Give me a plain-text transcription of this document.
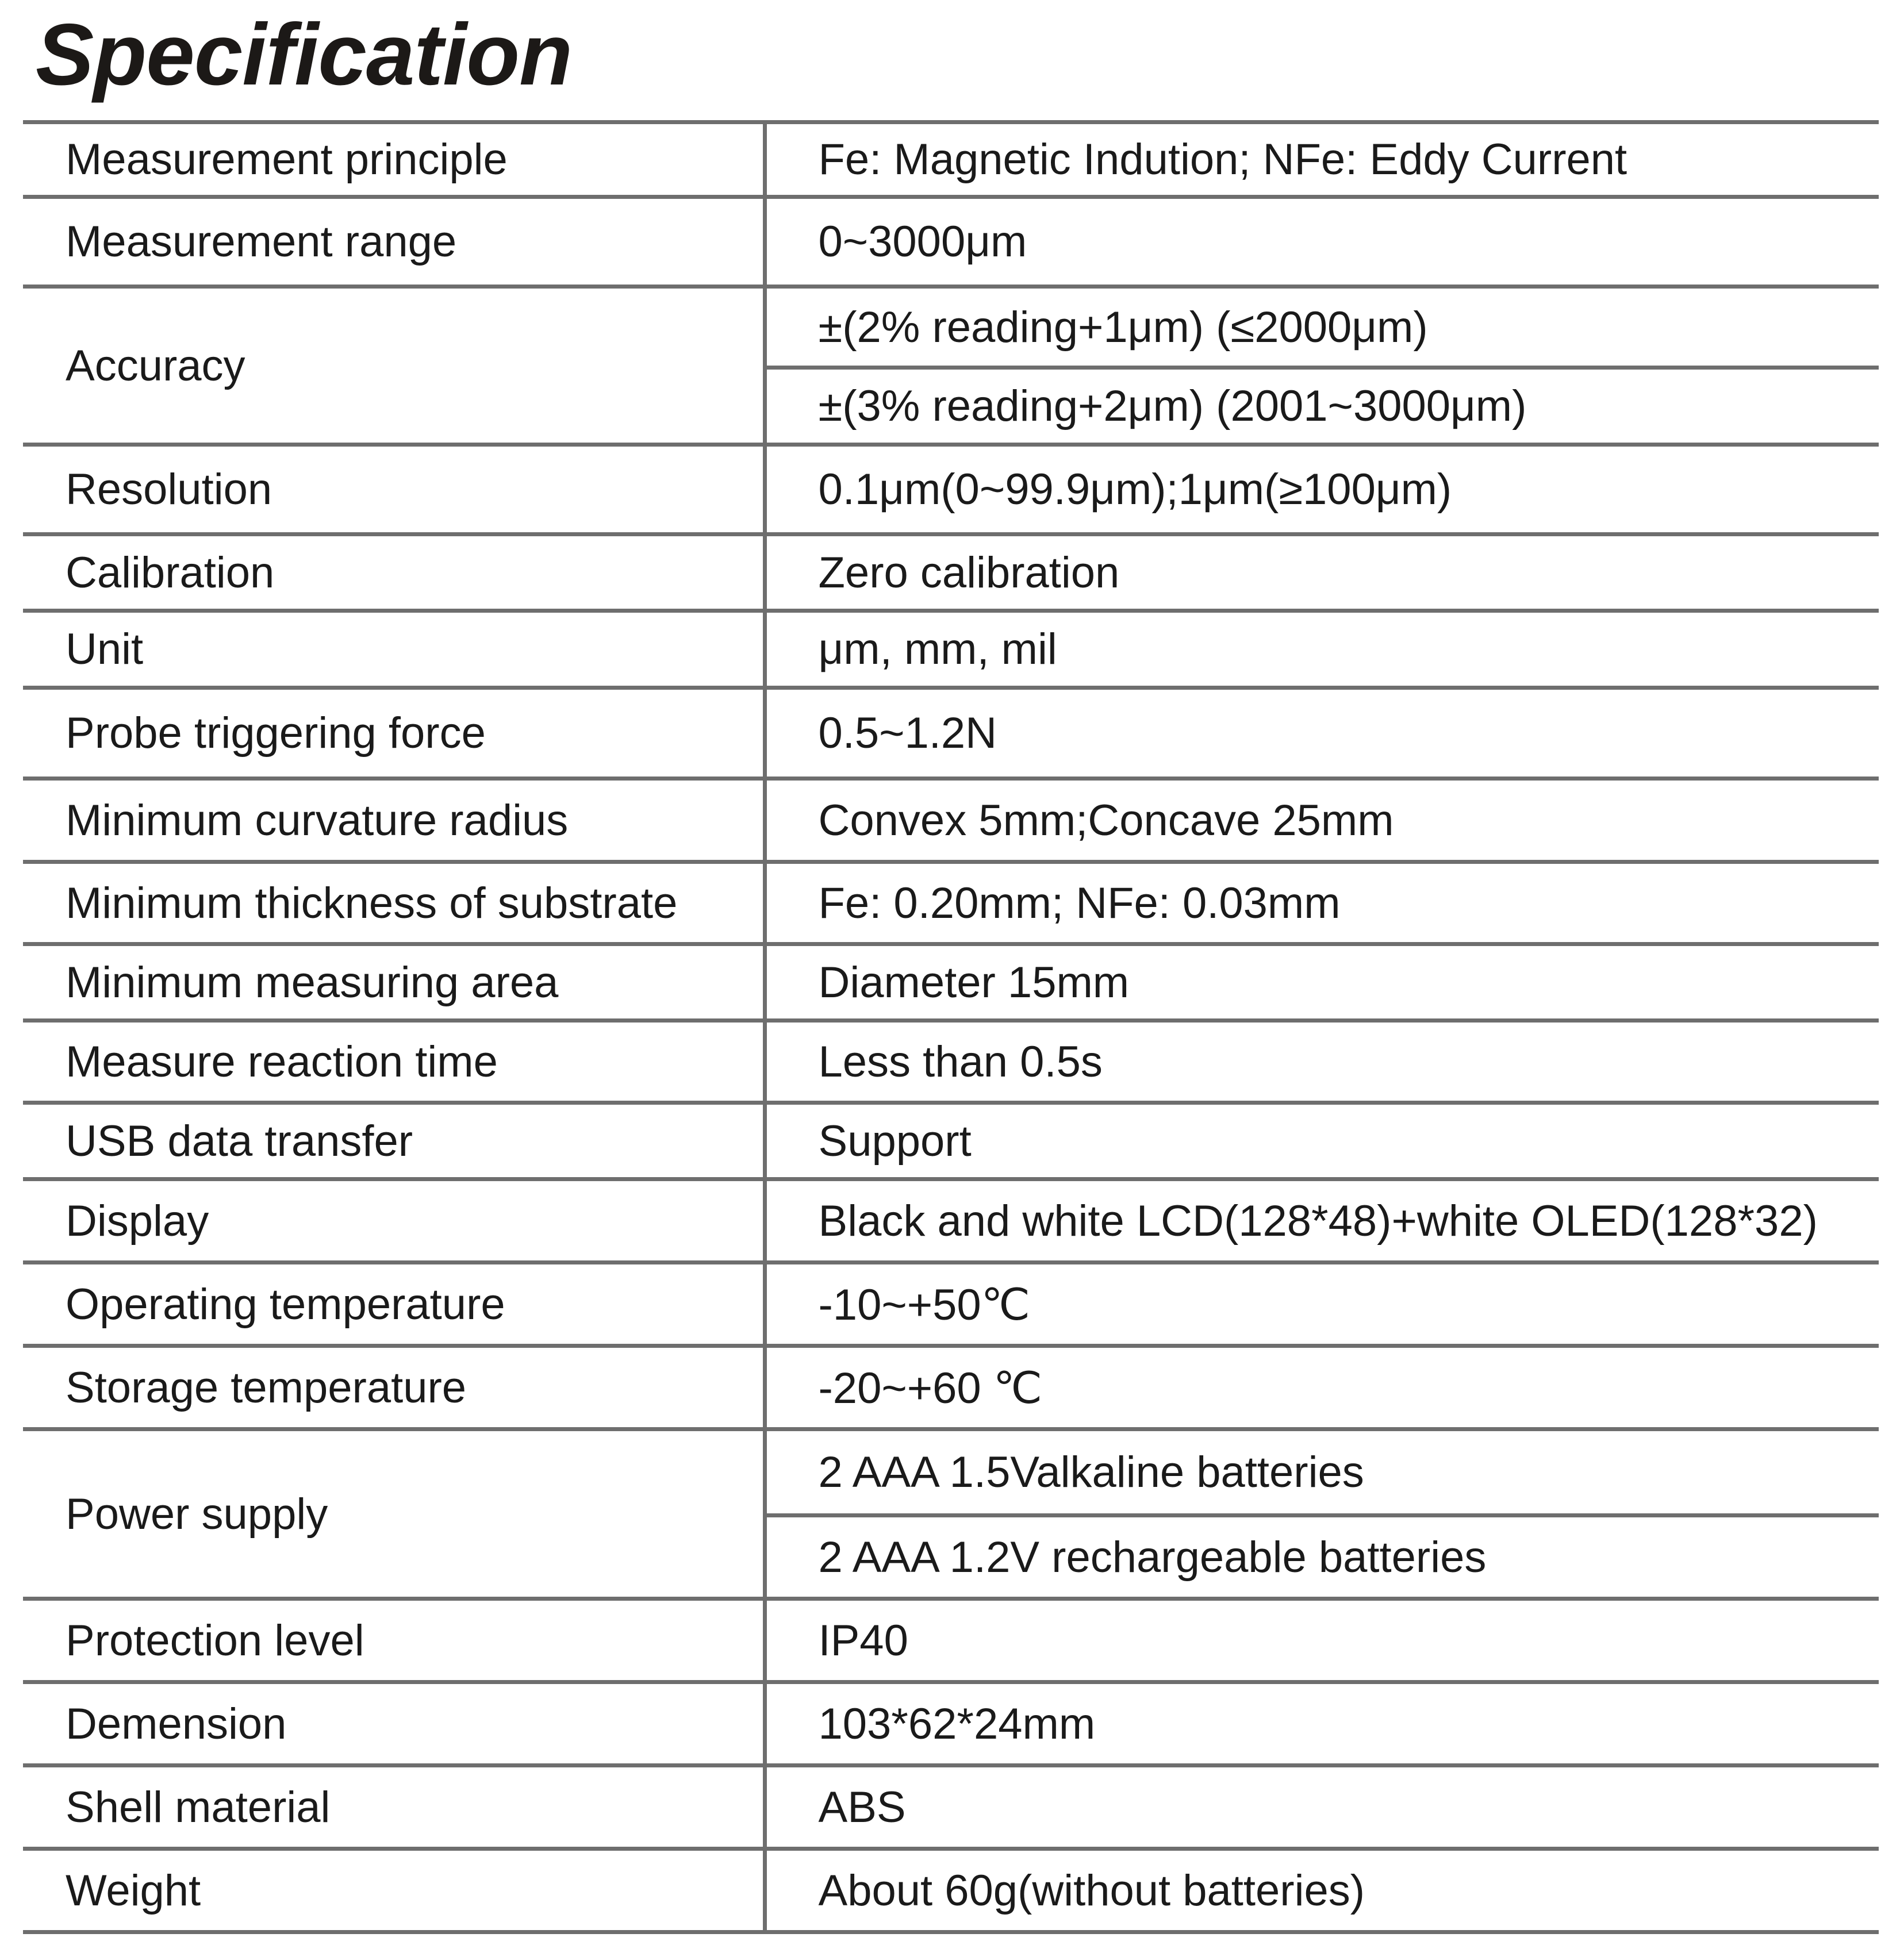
Specification
Measurement principle	Fe: Magnetic Indution; NFe: Eddy Current
Measurement range	0~3000μm
Accuracy	±(2% reading+1μm) (≤2000μm)
	±(3% reading+2μm) (2001~3000μm)
Resolution	0.1μm(0~99.9μm);1μm(≥100μm)
Calibration	Zero calibration
Unit	μm, mm, mil
Probe triggering force	0.5~1.2N
Minimum curvature radius	Convex 5mm;Concave 25mm
Minimum thickness of substrate	Fe: 0.20mm; NFe: 0.03mm
Minimum measuring area	Diameter 15mm
Measure reaction time	Less than 0.5s
USB data transfer	Support
Display	Black and white LCD(128*48)+white OLED(128*32)
Operating temperature	-10~+50℃
Storage temperature	-20~+60 ℃
Power supply	2 AAA 1.5Valkaline batteries
	2 AAA 1.2V rechargeable batteries
Protection level	IP40
Demension	103*62*24mm
Shell material	ABS
Weight	About 60g(without batteries)
